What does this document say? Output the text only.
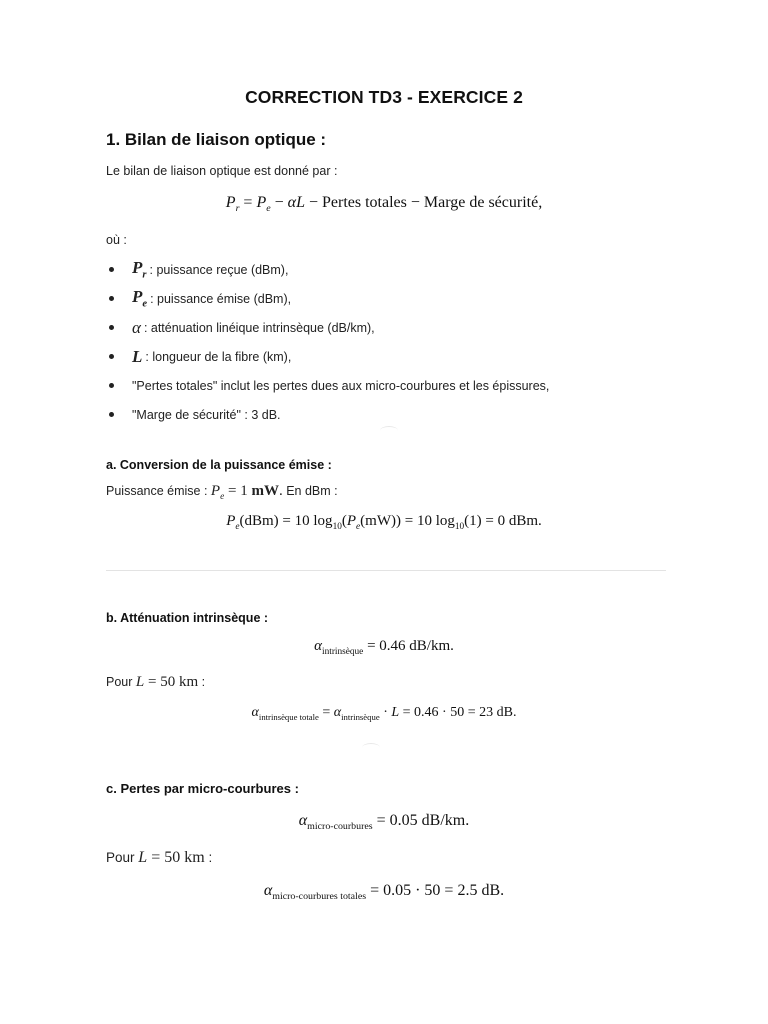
CORRECTION TD3 - EXERCICE 2
1. Bilan de liaison optique :
Le bilan de liaison optique est donné par :
$P_r = P_e - \alpha L$ − Pertes totales − Marge de sécurité,
où :
$P_r$ : puissance reçue (dBm),
$P_e$ : puissance émise (dBm),
α : atténuation linéique intrinsèque (dB/km),
L : longueur de la fibre (km),
"Pertes totales" inclut les pertes dues aux micro-courbures et les épissures,
"Marge de sécurité" : 3 dB.
a. Conversion de la puissance émise :
Puissance émise : $P_e = 1$ mW. En dBm :
$P_e(dBm) = 10$ $\log_{10}(P_e(mW)) = 10$ $\log_{10}(1) = 0$ dBm.
b. Atténuation intrinsèque :
$\alpha_{intrinsèque} = 0.46$ dB/km.
Pour L = 50 km :
$\alpha_{intrinsèque totale} = \alpha_{intrinsèque} \cdot L = 0.46 \cdot 50 = 23$ dB.
c. Pertes par micro-courbures :
$\alpha_{micro-courbures} = 0.05$ dB/km.
Pour L = 50 km :
$\alpha_{micro-courbures totales} = 0.05 \cdot 50 = 2.5$ dB.
